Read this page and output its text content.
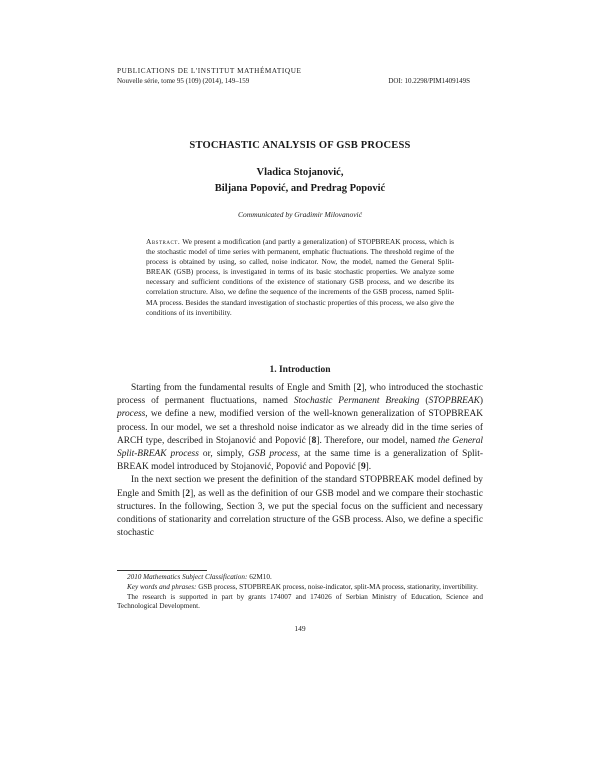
PUBLICATIONS DE L'INSTITUT MATHÉMATIQUE
Nouvelle série, tome 95 (109) (2014), 149–159	DOI: 10.2298/PIM1409149S
STOCHASTIC ANALYSIS OF GSB PROCESS
Vladica Stojanović,
Biljana Popović, and Predrag Popović
Communicated by Gradimir Milovanović
Abstract. We present a modification (and partly a generalization) of STOPBREAK process, which is the stochastic model of time series with permanent, emphatic fluctuations. The threshold regime of the process is obtained by using, so called, noise indicator. Now, the model, named the General Split-BREAK (GSB) process, is investigated in terms of its basic stochastic properties. We analyze some necessary and sufficient conditions of the existence of stationary GSB process, and we describe its correlation structure. Also, we define the sequence of the increments of the GSB process, named Split-MA process. Besides the standard investigation of stochastic properties of this process, we also give the conditions of its invertibility.
1. Introduction

Starting from the fundamental results of Engle and Smith [2], who introduced the stochastic process of permanent fluctuations, named Stochastic Permanent Breaking (STOPBREAK) process, we define a new, modified version of the well-known generalization of STOPBREAK process. In our model, we set a threshold noise indicator as we already did in the time series of ARCH type, described in Stojanović and Popović [8]. Therefore, our model, named the General Split-BREAK process or, simply, GSB process, at the same time is a generalization of Split-BREAK model introduced by Stojanović, Popović and Popović [9].

In the next section we present the definition of the standard STOPBREAK model defined by Engle and Smith [2], as well as the definition of our GSB model and we compare their stochastic structures. In the following, Section 3, we put the special focus on the sufficient and necessary conditions of stationarity and correlation structure of the GSB process. Also, we define a specific stochastic

2010 Mathematics Subject Classification: 62M10.

Key words and phrases: GSB process, STOPBREAK process, noise-indicator, split-MA process, stationarity, invertibility.

The research is supported in part by grants 174007 and 174026 of Serbian Ministry of Education, Science and Technological Development.

149
